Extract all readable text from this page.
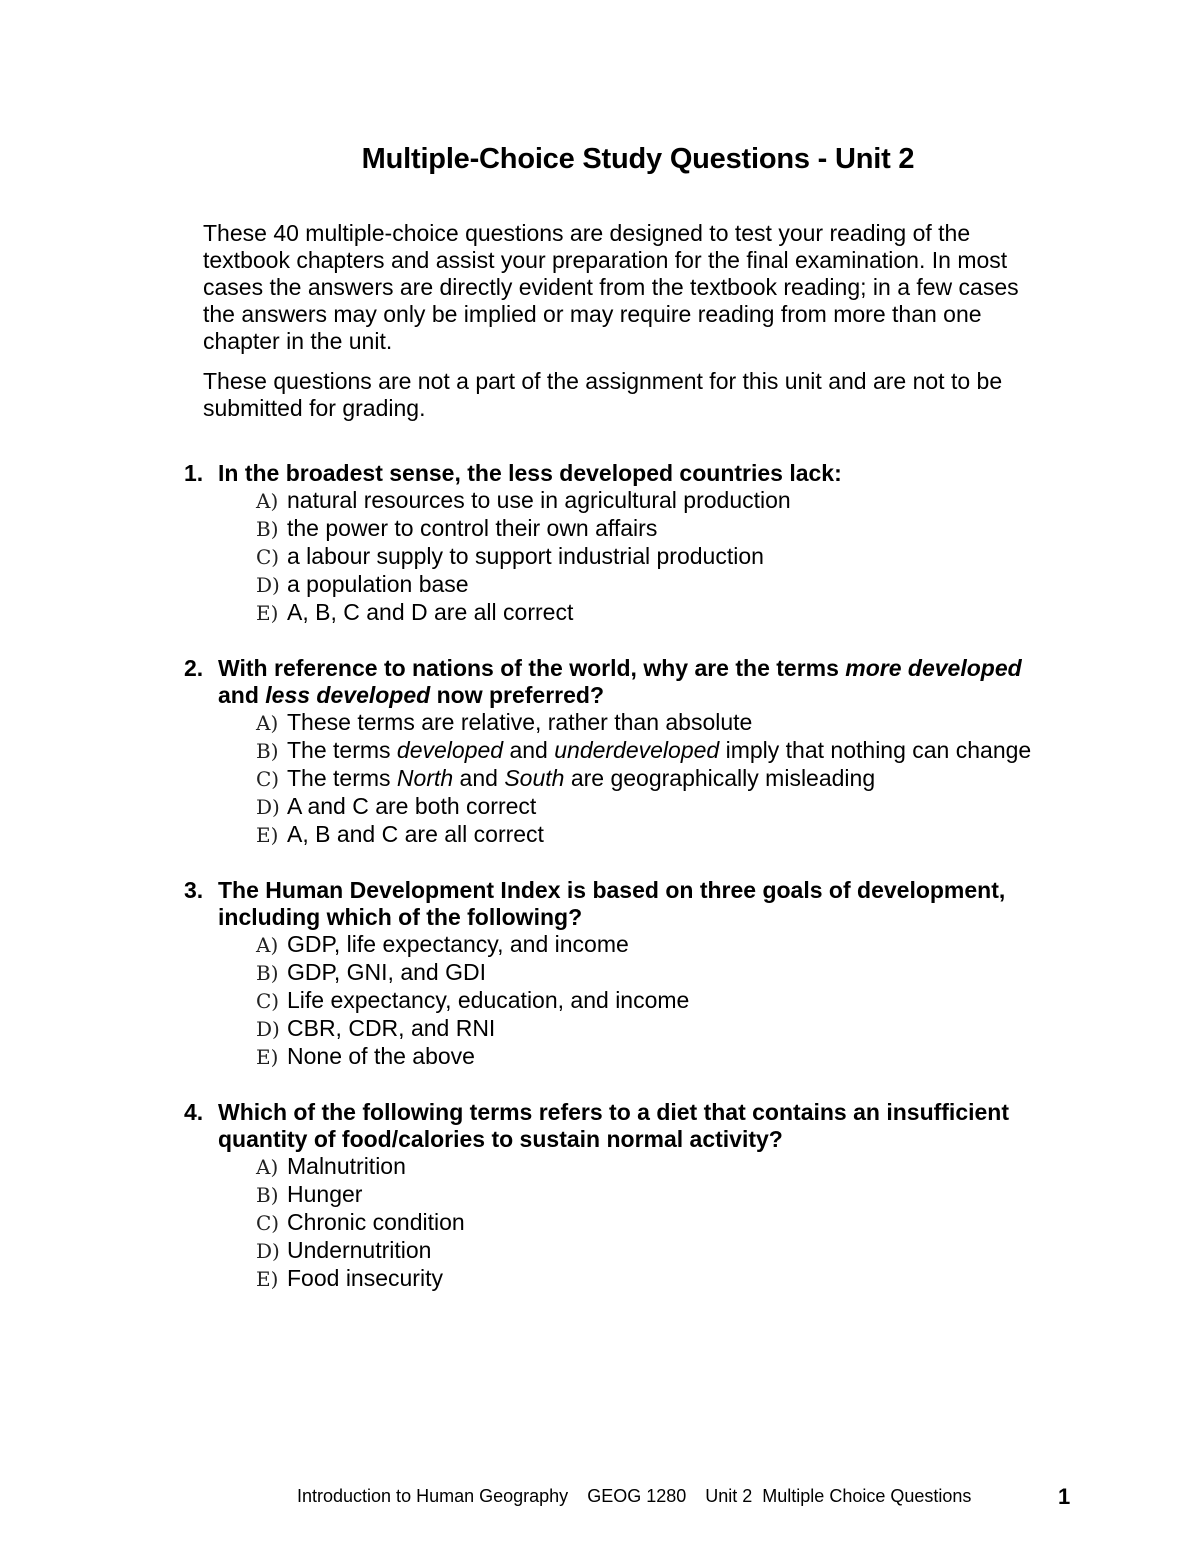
Multiple-Choice Study Questions - Unit 2

These 40 multiple-choice questions are designed to test your reading of the
textbook chapters and assist your preparation for the final examination. In most
cases the answers are directly evident from the textbook reading; in a few cases
the answers may only be implied or may require reading from more than one
chapter in the unit.

These questions are not a part of the assignment for this unit and are not to be
submitted for grading.

1. In the broadest sense, the less developed countries lack:
A) natural resources to use in agricultural production
B) the power to control their own affairs
C) a labour supply to support industrial production
D) a population base
E) A, B, C and D are all correct
2. With reference to nations of the world, why are the terms more developed
and less developed now preferred?
A) These terms are relative, rather than absolute
B) The terms developed and underdeveloped imply that nothing can change
C) The terms North and South are geographically misleading
D) A and C are both correct
E) A, B and C are all correct
3. The Human Development Index is based on three goals of development,
including which of the following?
A) GDP, life expectancy, and income
B) GDP, GNI, and GDI
C) Life expectancy, education, and income
D) CBR, CDR, and RNI
E) None of the above
4. Which of the following terms refers to a diet that contains an insufficient
quantity of food/calories to sustain normal activity?
A) Malnutrition
B) Hunger
C) Chronic condition
D) Undernutrition
E) Food insecurity
Introduction to Human Geography GEOG 1280 Unit 2  Multiple Choice Questions	1
